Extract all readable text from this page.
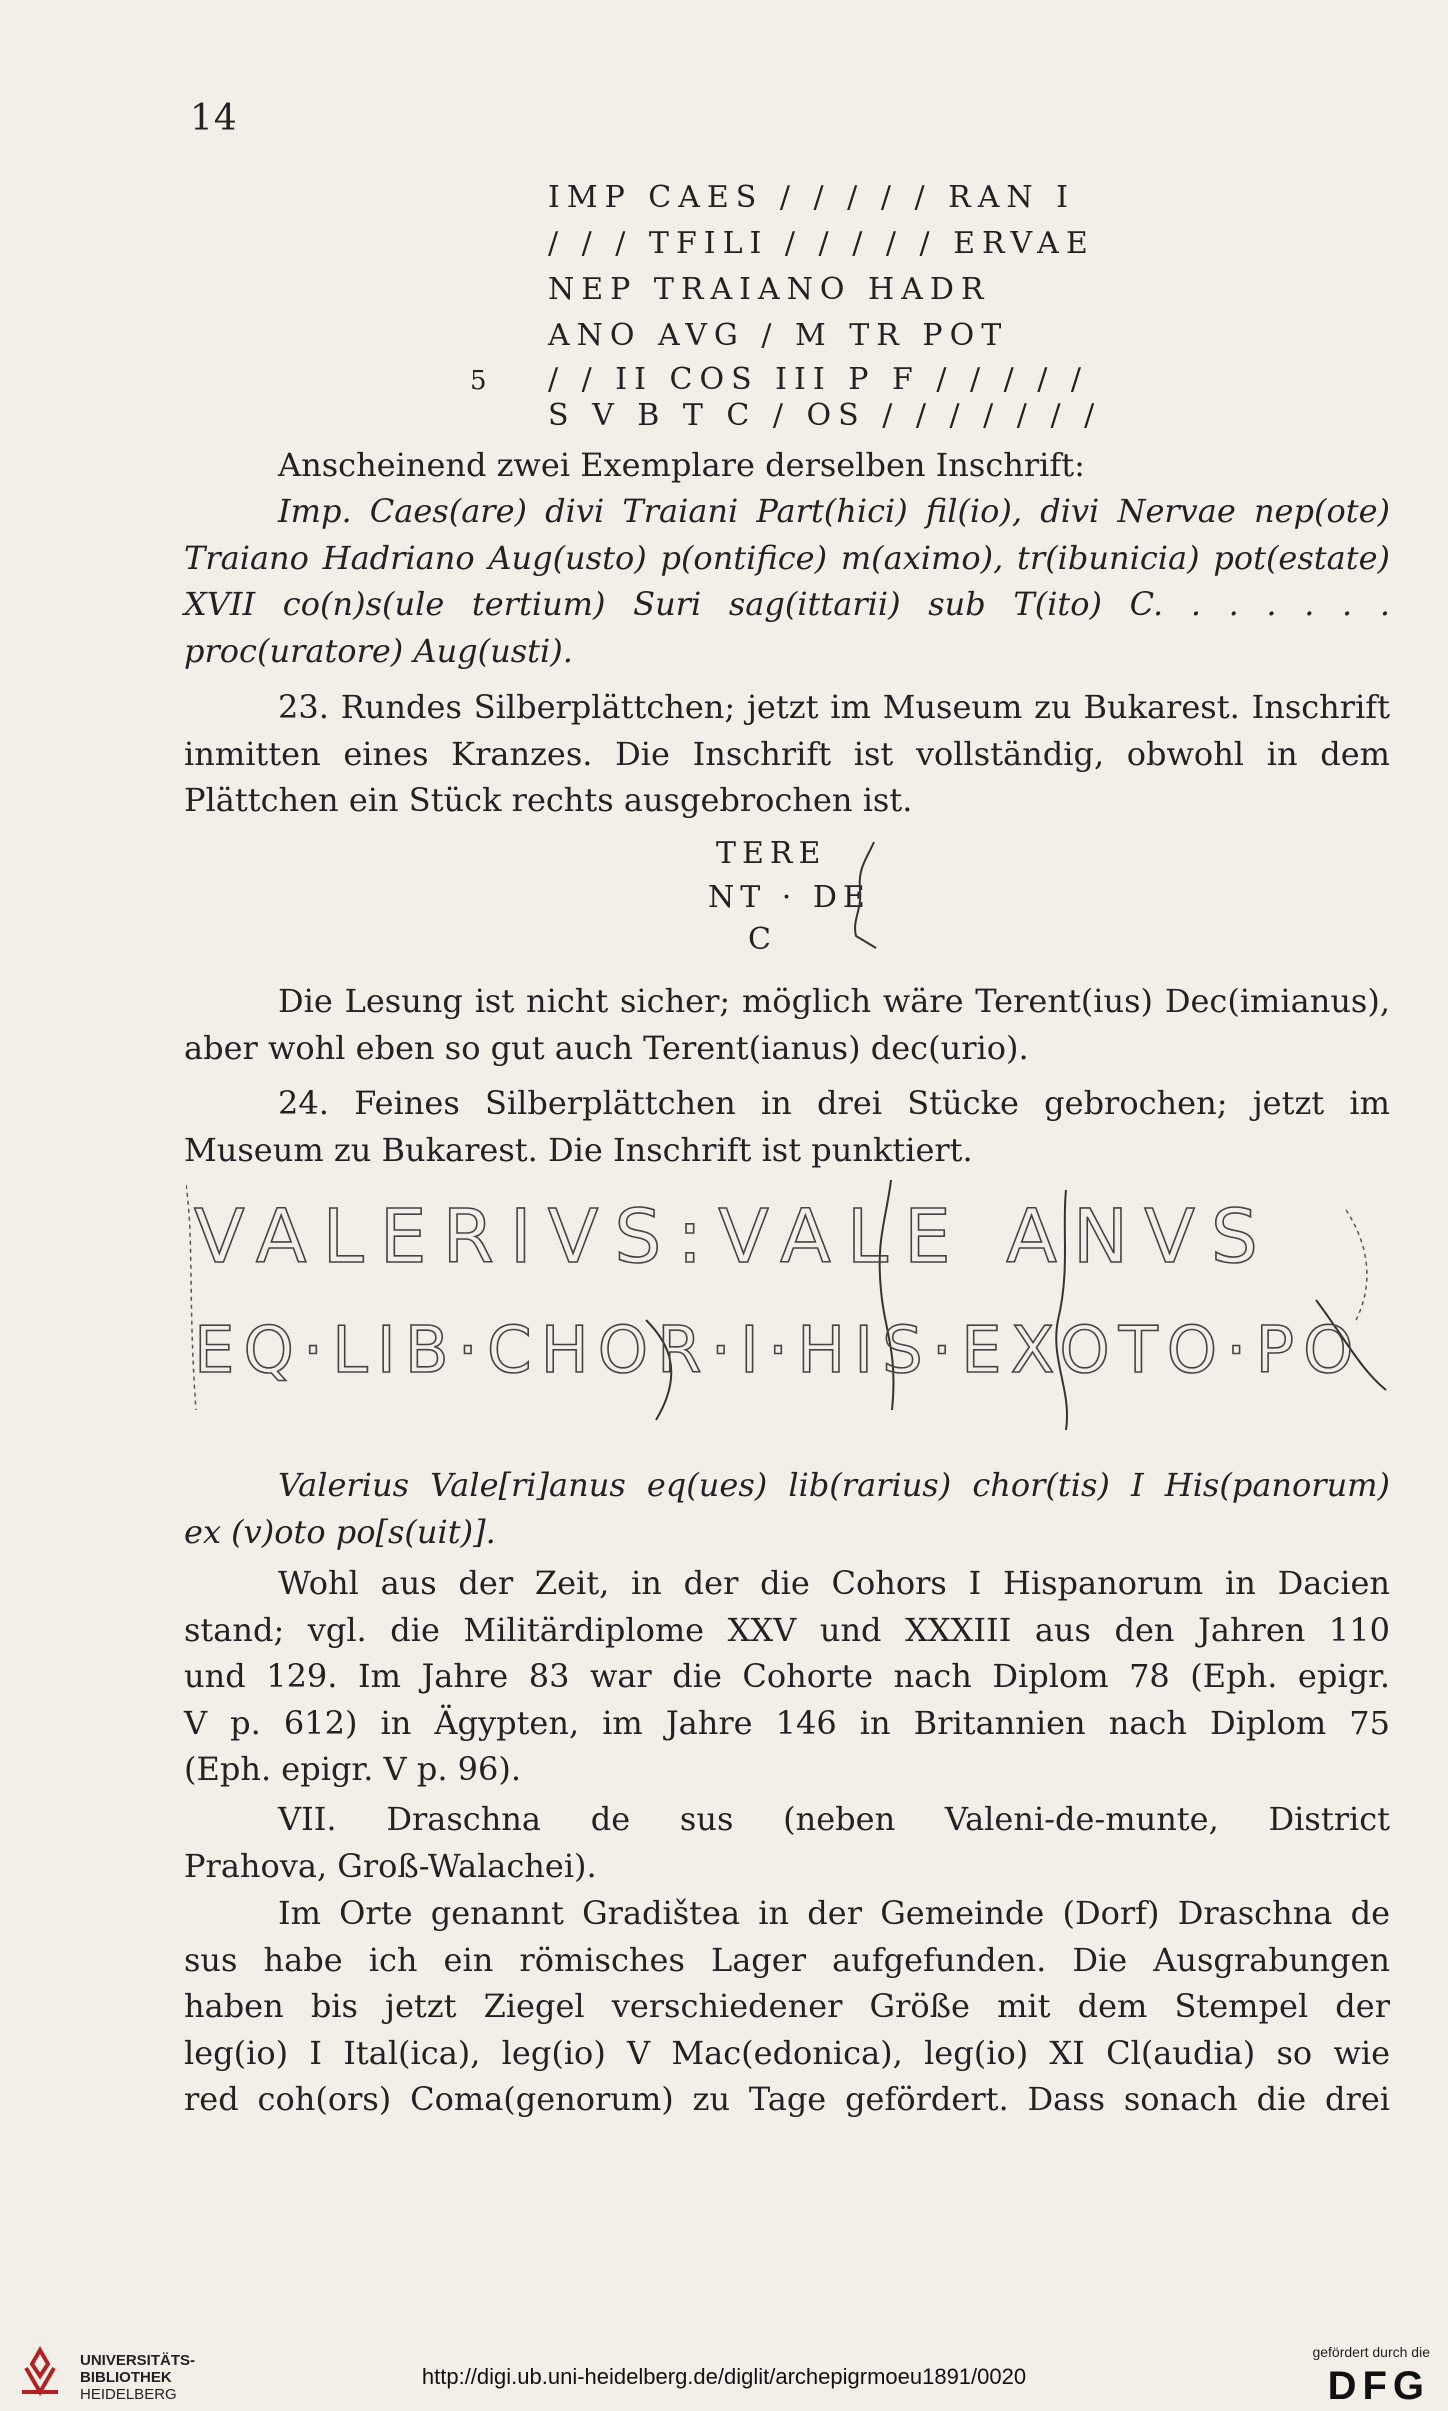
14
IMP CAES / / / / / RAN I
/ / / TFILI / / / / / ERVAE
NEP TRAIANO HADR
ANO AVG / M TR POT
/ / II COS III P F / / / / /
5
S V B T C / OS / / / / / / /
Anscheinend zwei Exemplare derselben Inschrift:
Imp. Caes(are) divi Traiani Part(hici) fil(io), divi Nervae nep(ote)
Traiano Hadriano Aug(usto) p(ontifice) m(aximo), tr(ibunicia) pot(estate)
XVII co(n)s(ule tertium) Suri sag(ittarii) sub T(ito) C. . . . . . .
proc(uratore) Aug(usti).
23. Rundes Silberplättchen; jetzt im Museum zu Bukarest. Inschrift
inmitten eines Kranzes. Die Inschrift ist vollständig, obwohl in dem
Plättchen ein Stück rechts ausgebrochen ist.
TERE
NT · DE
C
Die Lesung ist nicht sicher; möglich wäre Terent(ius) Dec(imianus),
aber wohl eben so gut auch Terent(ianus) dec(urio).
24. Feines Silberplättchen in drei Stücke gebrochen; jetzt im
Museum zu Bukarest. Die Inschrift ist punktiert.
VALERIVS:VALE ANVS
EQ·LIB·CHOR·I·HIS·EXOTO·PO
Valerius Vale[ri]anus eq(ues) lib(rarius) chor(tis) I His(panorum)
ex (v)oto po[s(uit)].
Wohl aus der Zeit, in der die Cohors I Hispanorum in Dacien
stand; vgl. die Militärdiplome XXV und XXXIII aus den Jahren 110
und 129. Im Jahre 83 war die Cohorte nach Diplom 78 (Eph. epigr.
V p. 612) in Ägypten, im Jahre 146 in Britannien nach Diplom 75
(Eph. epigr. V p. 96).
VII. Draschna de sus (neben Valeni-de-munte, District
Prahova, Groß-Walachei).
Im Orte genannt Gradištea in der Gemeinde (Dorf) Draschna de
sus habe ich ein römisches Lager aufgefunden. Die Ausgrabungen
haben bis jetzt Ziegel verschiedener Größe mit dem Stempel der
leg(io) I Ital(ica), leg(io) V Mac(edonica), leg(io) XI Cl(audia) so wie
red coh(ors) Coma(genorum) zu Tage gefördert. Dass sonach die drei
UNIVERSITÄTS-
BIBLIOTHEK
HEIDELBERG
http://digi.ub.uni-heidelberg.de/diglit/archepigrmoeu1891/0020
gefördert durch die
DFG
